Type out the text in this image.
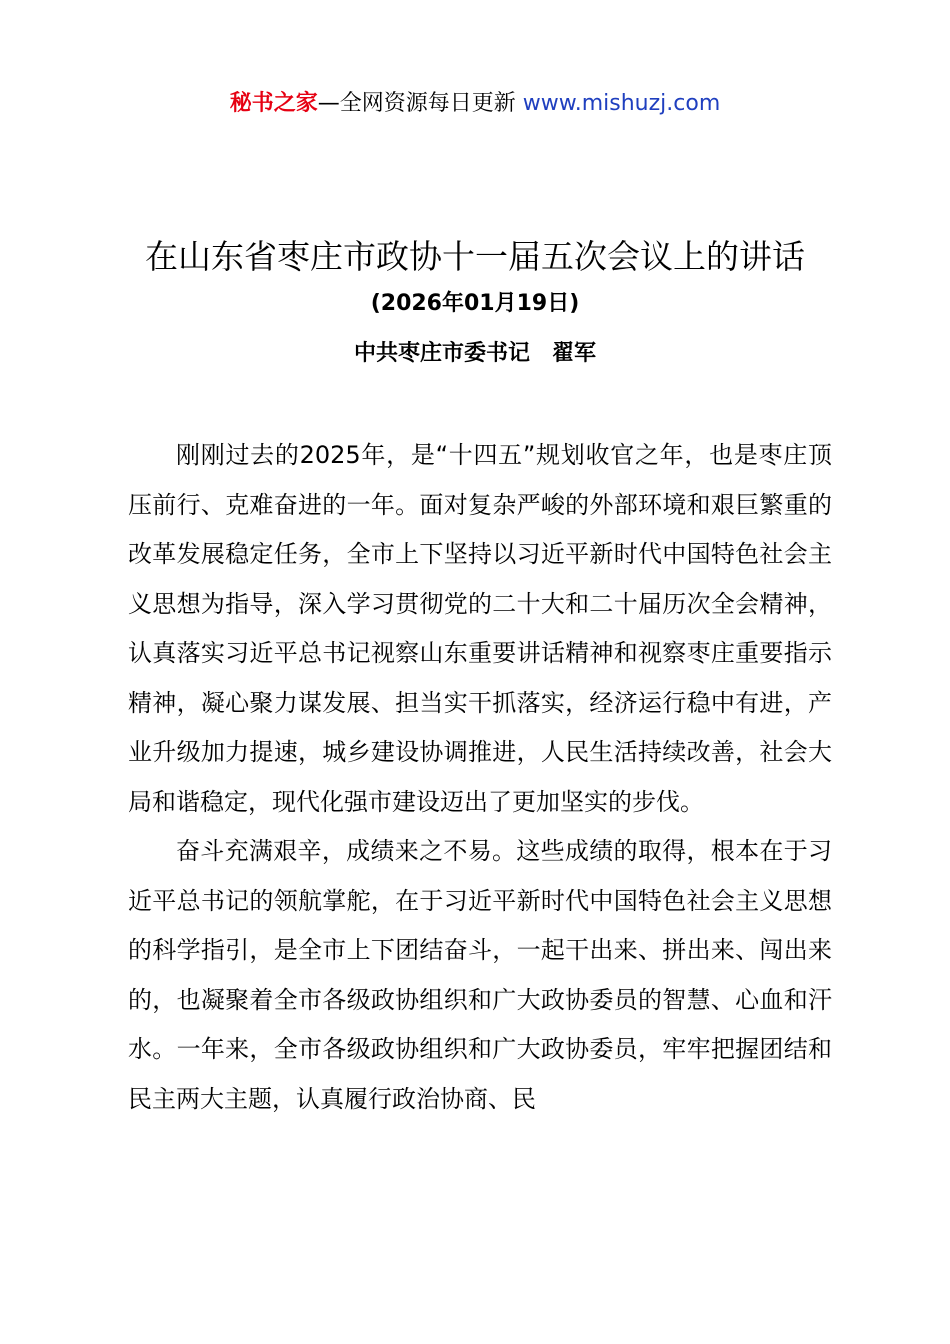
秘书之家—全网资源每日更新 www.mishuzj.com
在山东省枣庄市政协十一届五次会议上的讲话
(2026年01月19日)
中共枣庄市委书记　翟军

刚刚过去的2025年，是“十四五”规划收官之年，也是枣庄顶压前行、克难奋进的一年。面对复杂严峻的外部环境和艰巨繁重的改革发展稳定任务，全市上下坚持以习近平新时代中国特色社会主义思想为指导，深入学习贯彻党的二十大和二十届历次全会精神，认真落实习近平总书记视察山东重要讲话精神和视察枣庄重要指示精神，凝心聚力谋发展、担当实干抓落实，经济运行稳中有进，产业升级加力提速，城乡建设协调推进，人民生活持续改善，社会大局和谐稳定，现代化强市建设迈出了更加坚实的步伐。

奋斗充满艰辛，成绩来之不易。这些成绩的取得，根本在于习近平总书记的领航掌舵，在于习近平新时代中国特色社会主义思想的科学指引，是全市上下团结奋斗，一起干出来、拼出来、闯出来的，也凝聚着全市各级政协组织和广大政协委员的智慧、心血和汗水。一年来，全市各级政协组织和广大政协委员，牢牢把握团结和民主两大主题，认真履行政治协商、民
